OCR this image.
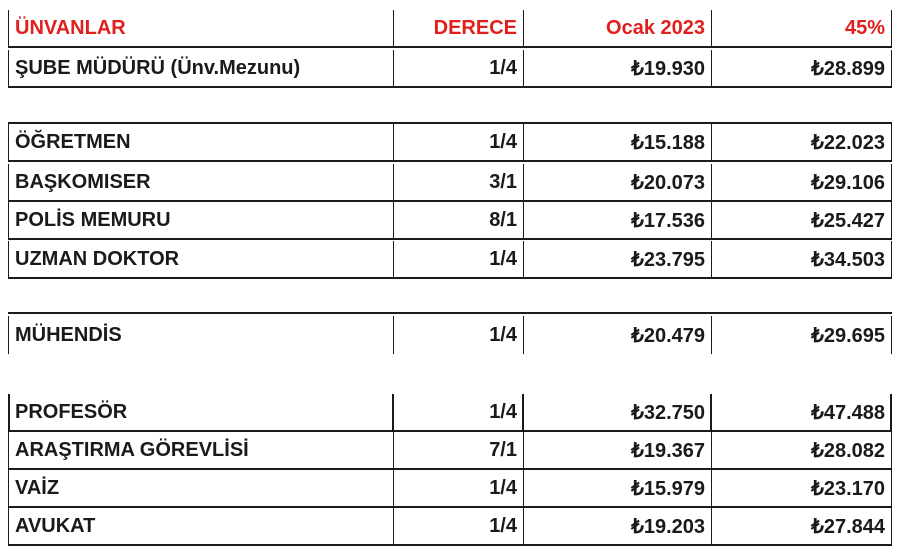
ÜNVANLAR	DERECE	Ocak 2023	45%
ŞUBE MÜDÜRÜ (Ünv.Mezunu)	1/4	₺19.930	₺28.899
ÖĞRETMEN	1/4	₺15.188	₺22.023
BAŞKOMISER	3/1	₺20.073	₺29.106
POLİS MEMURU	8/1	₺17.536	₺25.427
UZMAN DOKTOR	1/4	₺23.795	₺34.503
MÜHENDİS	1/4	₺20.479	₺29.695
PROFESÖR	1/4	₺32.750	₺47.488
ARAŞTIRMA GÖREVLİSİ	7/1	₺19.367	₺28.082
VAİZ	1/4	₺15.979	₺23.170
AVUKAT	1/4	₺19.203	₺27.844
